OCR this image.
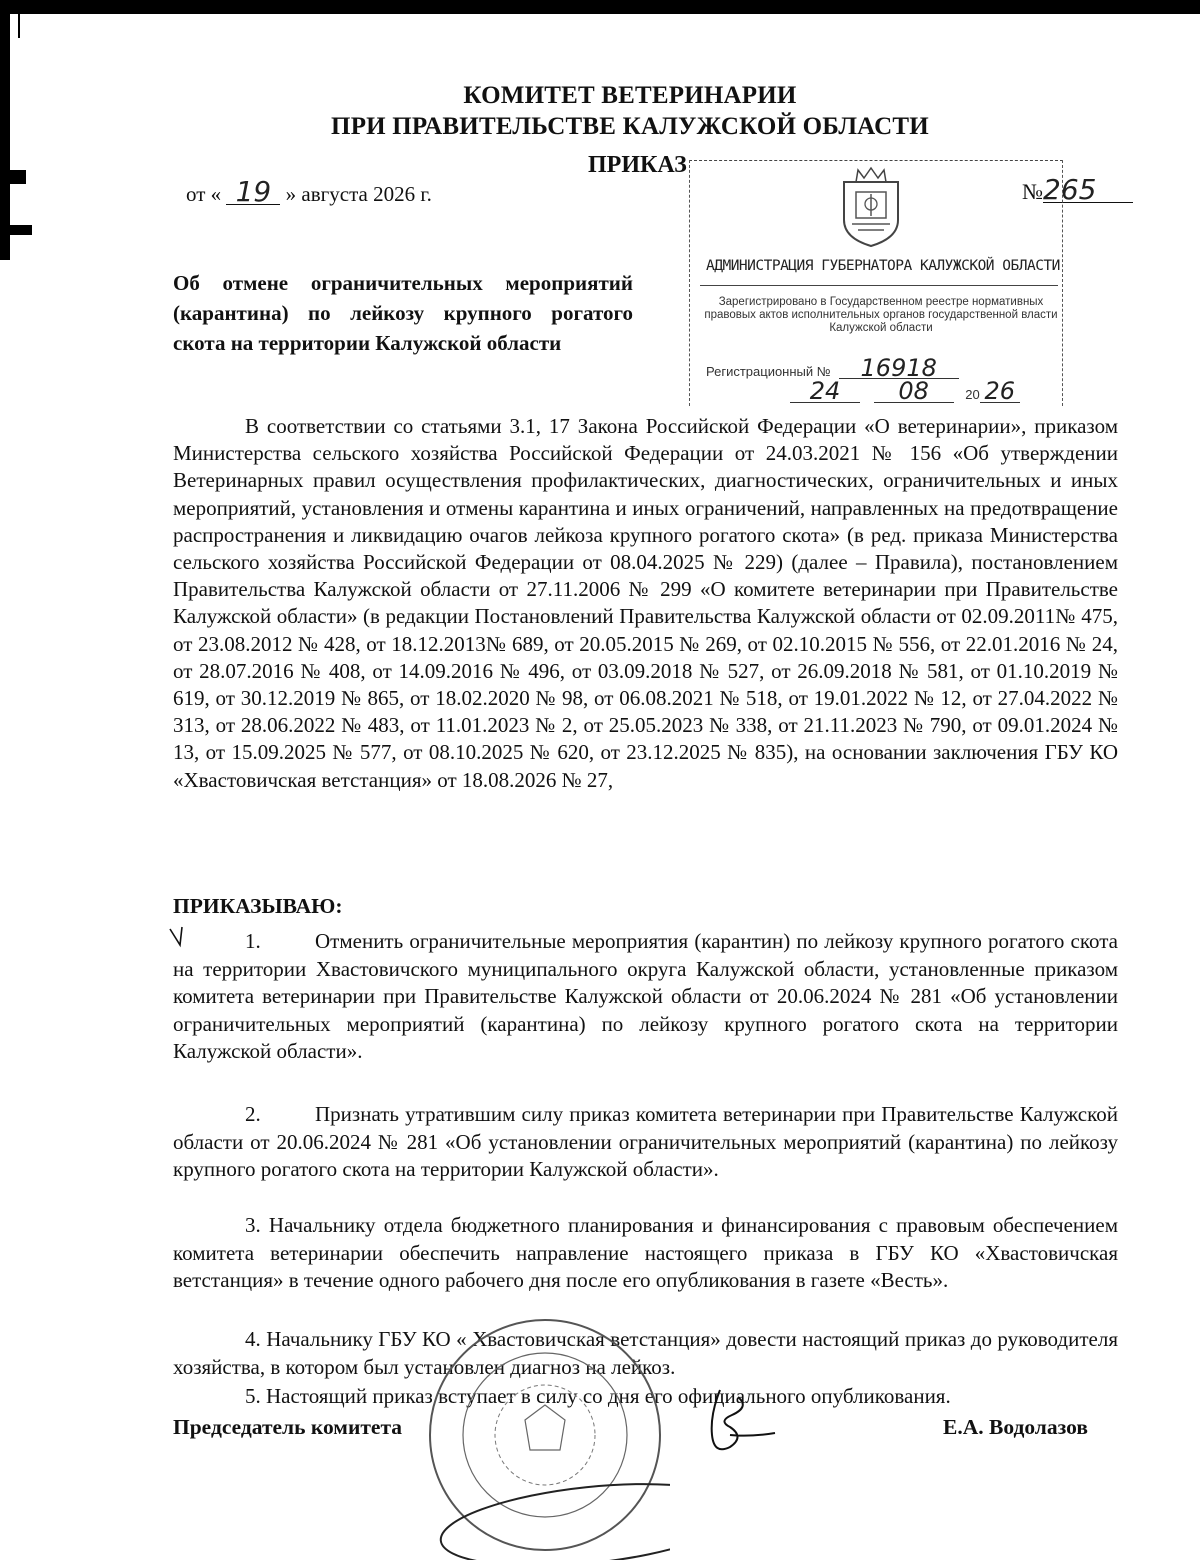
КОМИТЕТ ВЕТЕРИНАРИИ
ПРИ ПРАВИТЕЛЬСТВЕ КАЛУЖСКОЙ ОБЛАСТИ
ПРИКАЗ
от « 19 » августа 2026 г.	№265
Об отмене ограничительных мероприятий (карантина) по лейкозу крупного рогатого скота на территории Калужской области
АДМИНИСТРАЦИЯ ГУБЕРНАТОРА КАЛУЖСКОЙ ОБЛАСТИ
Зарегистрировано в Государственном реестре нормативных
правовых актов исполнительных органов государственной власти
Калужской области
Регистрационный № 16918
24 08	20 26

В соответствии со статьями 3.1, 17 Закона Российской Федерации «О ветеринарии», приказом Министерства сельского хозяйства Российской Федерации от 24.03.2021 № 156 «Об утверждении Ветеринарных правил осуществления профилактических, диагностических, ограничительных и иных мероприятий, установления и отмены карантина и иных ограничений, направленных на предотвращение распространения и ликвидацию очагов лейкоза крупного рогатого скота» (в ред. приказа Министерства сельского хозяйства Российской Федерации от 08.04.2025 № 229) (далее – Правила), постановлением Правительства Калужской области от 27.11.2006 № 299 «О комитете ветеринарии при Правительстве Калужской области» (в редакции Постановлений Правительства Калужской области от 02.09.2011№ 475, от 23.08.2012 № 428, от 18.12.2013№ 689, от 20.05.2015 № 269, от 02.10.2015 № 556, от 22.01.2016 № 24, от 28.07.2016 № 408, от 14.09.2016 № 496, от 03.09.2018 № 527, от 26.09.2018 № 581, от 01.10.2019 № 619, от 30.12.2019 № 865, от 18.02.2020 № 98, от 06.08.2021 № 518, от 19.01.2022 № 12, от 27.04.2022 № 313, от 28.06.2022 № 483, от 11.01.2023 № 2, от 25.05.2023 № 338, от 21.11.2023 № 790, от 09.01.2024 № 13, от 15.09.2025 № 577, от 08.10.2025 № 620, от 23.12.2025 № 835), на основании заключения ГБУ КО «Хвастовичская ветстанция» от 18.08.2026 № 27,

ПРИКАЗЫВАЮ:

1.	Отменить ограничительные мероприятия (карантин) по лейкозу крупного рогатого скота на территории Хвастовичского муниципального округа Калужской области, установленные приказом комитета ветеринарии при Правительстве Калужской области от 20.06.2024 № 281 «Об установлении ограничительных мероприятий (карантина) по лейкозу крупного рогатого скота на территории Калужской области».

2.	Признать утратившим силу приказ комитета ветеринарии при Правительстве Калужской области от 20.06.2024 № 281 «Об установлении ограничительных мероприятий (карантина) по лейкозу крупного рогатого скота на территории Калужской области».

3. Начальнику отдела бюджетного планирования и финансирования с правовым обеспечением комитета ветеринарии обеспечить направление настоящего приказа в ГБУ КО «Хвастовичская ветстанция» в течение одного рабочего дня после его опубликования в газете «Весть».

4. Начальнику ГБУ КО « Хвастовичская ветстанция» довести настоящий приказ до руководителя хозяйства, в котором был установлен диагноз на лейкоз.

5. Настоящий приказ вступает в силу со дня его официального опубликования.

Председатель комитета	Е.А. Водолазов
